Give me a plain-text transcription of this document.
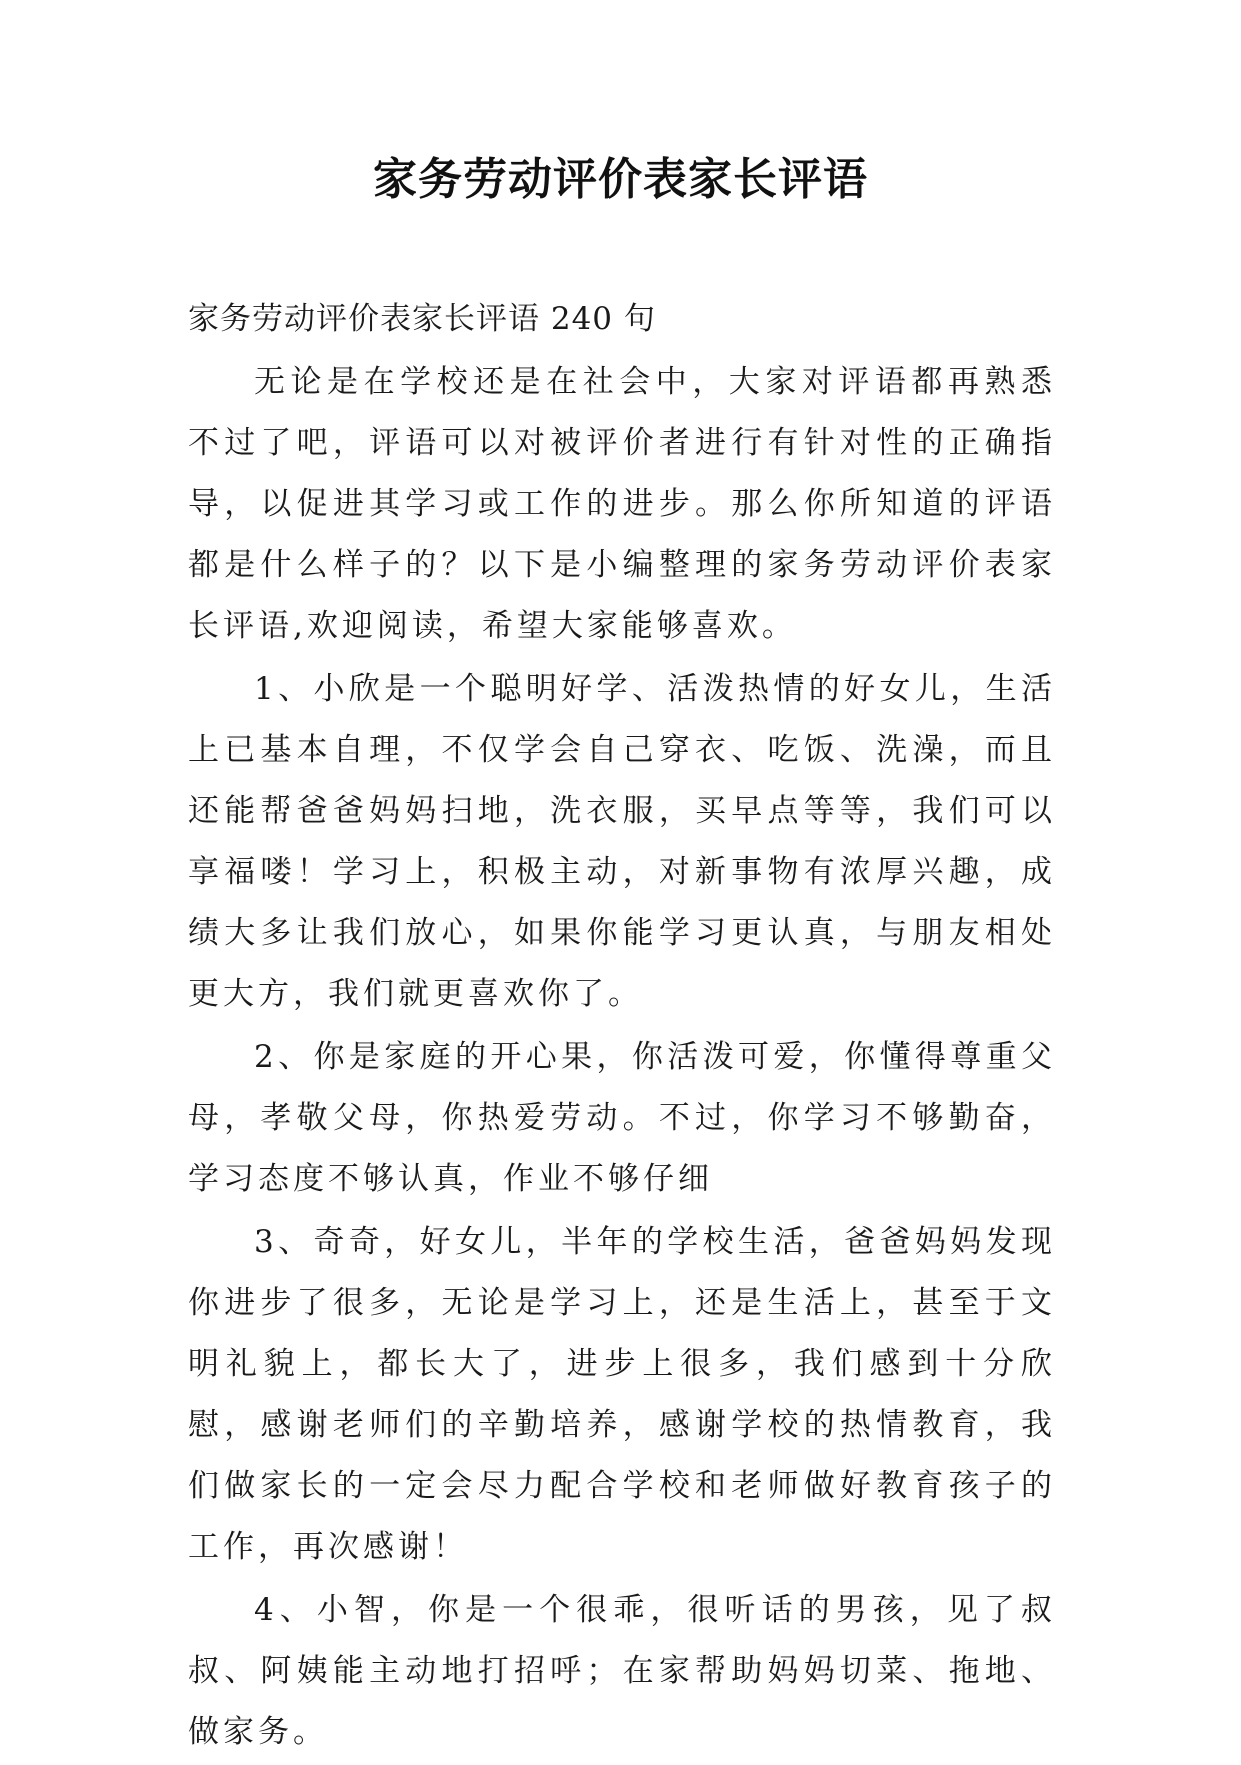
家务劳动评价表家长评语
家务劳动评价表家长评语 240 句

无论是在学校还是在社会中，大家对评语都再熟悉不过了吧，评语可以对被评价者进行有针对性的正确指导，以促进其学习或工作的进步。那么你所知道的评语都是什么样子的？以下是小编整理的家务劳动评价表家长评语,欢迎阅读，希望大家能够喜欢。

1、小欣是一个聪明好学、活泼热情的好女儿，生活上已基本自理，不仅学会自己穿衣、吃饭、洗澡，而且还能帮爸爸妈妈扫地，洗衣服，买早点等等，我们可以享福喽！学习上，积极主动，对新事物有浓厚兴趣，成绩大多让我们放心，如果你能学习更认真，与朋友相处更大方，我们就更喜欢你了。

2、你是家庭的开心果，你活泼可爱，你懂得尊重父母，孝敬父母，你热爱劳动。不过，你学习不够勤奋，学习态度不够认真，作业不够仔细

3、奇奇，好女儿，半年的学校生活，爸爸妈妈发现你进步了很多，无论是学习上，还是生活上，甚至于文明礼貌上，都长大了，进步上很多，我们感到十分欣慰，感谢老师们的辛勤培养，感谢学校的热情教育，我们做家长的一定会尽力配合学校和老师做好教育孩子的工作，再次感谢！

4、小智，你是一个很乖，很听话的男孩，见了叔叔、阿姨能主动地打招呼；在家帮助妈妈切菜、拖地、做家务。
